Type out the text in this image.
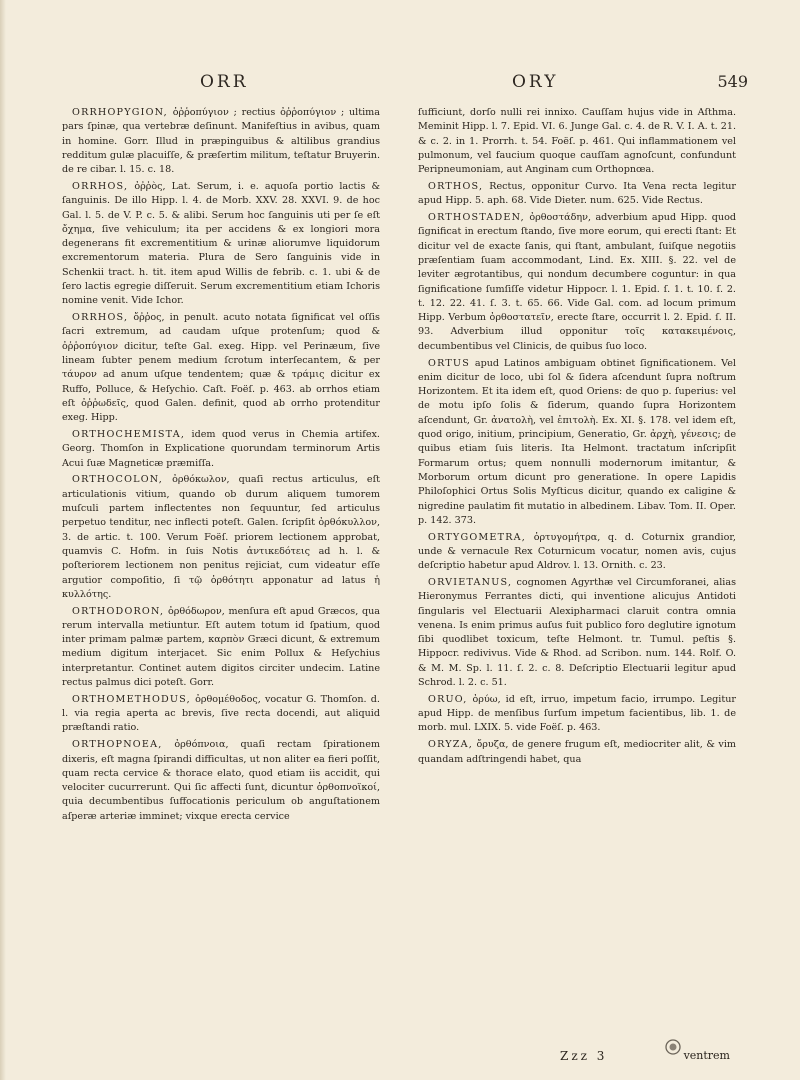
ORR	ORY	549

ORRHOPYGION, ὀῤῥοπύγιον ; rectius ὀῤῥοπύγιον ; ultima pars ſpinæ, qua vertebræ deſinunt. Manifeſtius in avibus, quam in homine. Gorr. Illud in præpinguibus & altilibus grandius redditum gulæ placuiſſe, & præſertim militum, teſtatur Bruyerin. de re cibar. l. 15. c. 18.

ORRHOS, ὀῤῥὸς, Lat. Serum, i. e. aquoſa portio lactis & ſanguinis. De illo Hipp. l. 4. de Morb. XXV. 28. XXVI. 9. de hoc Gal. l. 5. de V. P. c. 5. & alibi. Serum hoc ſanguinis uti per ſe eſt ὄχημα, ſive vehiculum; ita per accidens & ex longiori mora degenerans fit excrementitium & urinæ aliorumve liquidorum excrementorum materia. Plura de Sero ſanguinis vide in Schenkii tract. h. tit. item apud Willis de febrib. c. 1. ubi & de ſero lactis egregie diſſeruit. Serum excrementitium etiam Ichoris nomine venit. Vide Ichor.

ORRHOS, ὄῤῥος, in penult. acuto notata ſignificat vel oſſis ſacri extremum, ad caudam uſque protenſum; quod & ὀῤῥοπύγιον dicitur, teſte Gal. exeg. Hipp. vel Perinæum, ſive lineam ſubter penem medium ſcrotum interſecantem, & per τάυρον ad anum uſque tendentem; quæ & τράμις dicitur ex Ruffo, Polluce, & Heſychio. Caſt. Foëſ. p. 463. ab orrhos etiam eſt ὀῤῥωδεῖς, quod Galen. definit, quod ab orrho protenditur exeg. Hipp.

ORTHOCHEMISTA, idem quod verus in Chemia artifex. Georg. Thomſon in Explicatione quorundam terminorum Artis Acui ſuæ Magneticæ præmiſſa.

ORTHOCOLON, ὀρθόκωλον, quaſi rectus articulus, eſt articulationis vitium, quando ob durum aliquem tumorem muſculi partem inflectentes non ſequuntur, ſed articulus perpetuo tenditur, nec inflecti poteſt. Galen. ſcripſit ὀρθόκυλλον, 3. de artic. t. 100. Verum Foëſ. priorem lectionem approbat, quamvis C. Hofm. in ſuis Notis ἀντικεδότεις ad h. l. & poſteriorem lectionem non penitus rejiciat, cum videatur eſſe argutior compoſitio, ſi τῷ ὀρθότητι apponatur ad latus ἡ κυλλότης.

ORTHODORON, ὀρθόδωρον, menſura eſt apud Græcos, qua rerum intervalla metiuntur. Eſt autem totum id ſpatium, quod inter primam palmæ partem, καρπὸν Græci dicunt, & extremum medium digitum interjacet. Sic enim Pollux & Heſychius interpretantur. Continet autem digitos circiter undecim. Latine rectus palmus dici poteſt. Gorr.

ORTHOMETHODUS, ὀρθομέθοδος, vocatur G. Thomſon. d. l. via regia aperta ac brevis, ſive recta docendi, aut aliquid præſtandi ratio.

ORTHOPNOEA, ὀρθόπνοια, quaſi rectam ſpirationem dixeris, eſt magna ſpirandi difficultas, ut non aliter ea fieri poſſit, quam recta cervice & thorace elato, quod etiam iis accidit, qui velociter cucurrerunt. Qui ſic affecti ſunt, dicuntur ὀρθοπνοϊκοί, quia decumbentibus ſuffocationis periculum ob anguſtationem aſperæ arteriæ imminet; vixque erecta cervice

ſufficiunt, dorſo nulli rei innixo. Cauſſam hujus vide in Aſthma. Meminit Hipp. l. 7. Epid. VI. 6. Junge Gal. c. 4. de R. V. I. A. t. 21. & c. 2. in 1. Prorrh. t. 54. Foëſ. p. 461. Qui inflammationem vel pulmonum, vel faucium quoque cauſſam agnoſcunt, confundunt Peripneumoniam, aut Anginam cum Orthopnœa.

ORTHOS, Rectus, opponitur Curvo. Ita Vena recta legitur apud Hipp. 5. aph. 68. Vide Dieter. num. 625. Vide Rectus.

ORTHOSTADEN, ὀρθοστάδην, adverbium apud Hipp. quod ſignificat in erectum ſtando, ſive more eorum, qui erecti ſtant: Et dicitur vel de exacte ſanis, qui ſtant, ambulant, ſuiſque negotiis præſentiam ſuam accommodant, Lind. Ex. XIII. §. 22. vel de leviter ægrotantibus, qui nondum decumbere coguntur: in qua ſignificatione ſumſiſſe videtur Hippocr. l. 1. Epid. ſ. 1. t. 10. ſ. 2. t. 12. 22. 41. ſ. 3. t. 65. 66. Vide Gal. com. ad locum primum Hipp. Verbum ὀρθοστατεῖν, erecte ſtare, occurrit l. 2. Epid. ſ. II. 93. Adverbium illud opponitur τοῖς κατακειμένοις, decumbentibus vel Clinicis, de quibus ſuo loco.

ORTUS apud Latinos ambiguam obtinet ſignificationem. Vel enim dicitur de loco, ubi ſol & ſidera aſcendunt ſupra noſtrum Horizontem. Et ita idem eſt, quod Oriens: de quo p. ſuperius: vel de motu ipſo ſolis & ſiderum, quando ſupra Horizontem aſcendunt, Gr. ἀνατολὴ, vel ἐπιτολὴ. Ex. XI. §. 178. vel idem eſt, quod origo, initium, principium, Generatio, Gr. ἀρχὴ, γένεσις; de quibus etiam ſuis literis. Ita Helmont. tractatum inſcripſit Formarum ortus; quem nonnulli modernorum imitantur, & Morborum ortum dicunt pro generatione. In opere Lapidis Philoſophici Ortus Solis Myſticus dicitur, quando ex caligine & nigredine paulatim fit mutatio in albedinem. Libav. Tom. II. Oper. p. 142. 373.

ORTYGOMETRA, ὀρτυγομήτρα, q. d. Coturnix grandior, unde & vernacule Rex Coturnicum vocatur, nomen avis, cujus deſcriptio habetur apud Aldrov. l. 13. Ornith. c. 23.

ORVIETANUS, cognomen Agyrthæ vel Circumforanei, alias Hieronymus Ferrantes dicti, qui inventione alicujus Antidoti ſingularis vel Electuarii Alexipharmaci claruit contra omnia venena. Is enim primus auſus fuit publico foro deglutire ignotum ſibi quodlibet toxicum, teſte Helmont. tr. Tumul. peſtis §. Hippocr. redivivus. Vide & Rhod. ad Scribon. num. 144. Rolf. O. & M. M. Sp. l. 11. ſ. 2. c. 8. Deſcriptio Electuarii legitur apud Schrod. l. 2. c. 51.

ORUO, ὀρύω, id eſt, irruo, impetum facio, irrumpo. Legitur apud Hipp. de menſibus ſurſum impetum facientibus, lib. 1. de morb. mul. LXIX. 5. vide Foëſ. p. 463.

ORYZA, ὄρυζα, de genere frugum eſt, mediocriter alit, & vim quandam adſtringendi habet, qua

Zzz 3	ventrem
